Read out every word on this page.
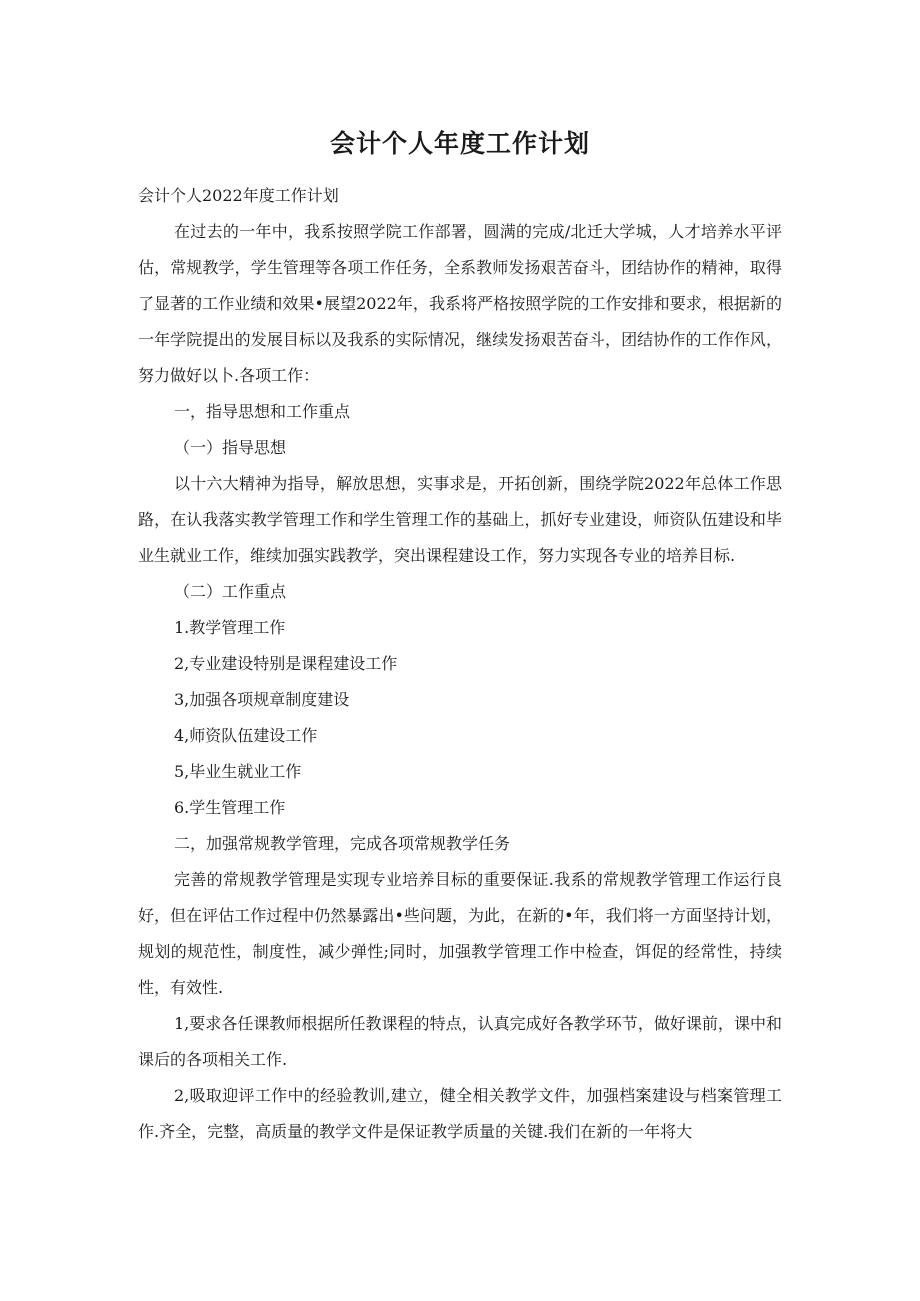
会计个人年度工作计划

会计个人2022年度工作计划

在过去的一年中，我系按照学院工作部署，圆满的完成/北迁大学城，人才培养水平评估，常规教学，学生管理等各项工作任务，全系教师发扬艰苦奋斗，团结协作的精神，取得了显著的工作业绩和效果•展望2022年，我系将严格按照学院的工作安排和要求，根据新的一年学院提出的发展目标以及我系的实际情况，继续发扬艰苦奋斗，团结协作的工作作风，努力做好以卜.各项工作：

一，指导思想和工作重点

（一）指导思想

以十六大精神为指导，解放思想，实事求是，开拓创新，围绕学院2022年总体工作思路，在认我落实教学管理工作和学生管理工作的基础上，抓好专业建设，师资队伍建设和毕业生就业工作，维续加强实践教学，突出课程建设工作，努力实现各专业的培养目标.

（二）工作重点

1.教学管理工作

2,专业建设特别是课程建设工作

3,加强各项规章制度建设

4,师资队伍建设工作

5,毕业生就业工作

6.学生管理工作

二，加强常规教学管理，完成各项常规教学任务

完善的常规教学管理是实现专业培养目标的重要保证.我系的常规教学管理工作运行良好，但在评估工作过程中仍然暴露出•些问题，为此，在新的•年，我们将一方面坚持计划，规划的规范性，制度性，减少弹性;同时，加强教学管理工作中检查，饵促的经常性，持续性，有效性.

1,要求各任课教师根据所任教课程的特点，认真完成好各教学环节，做好课前，课中和课后的各项相关工作.

2,吸取迎评工作中的经验教训,建立，健全相关教学文件，加强档案建设与档案管理工作.齐全，完整，高质量的教学文件是保证教学质量的关键.我们在新的一年将大
